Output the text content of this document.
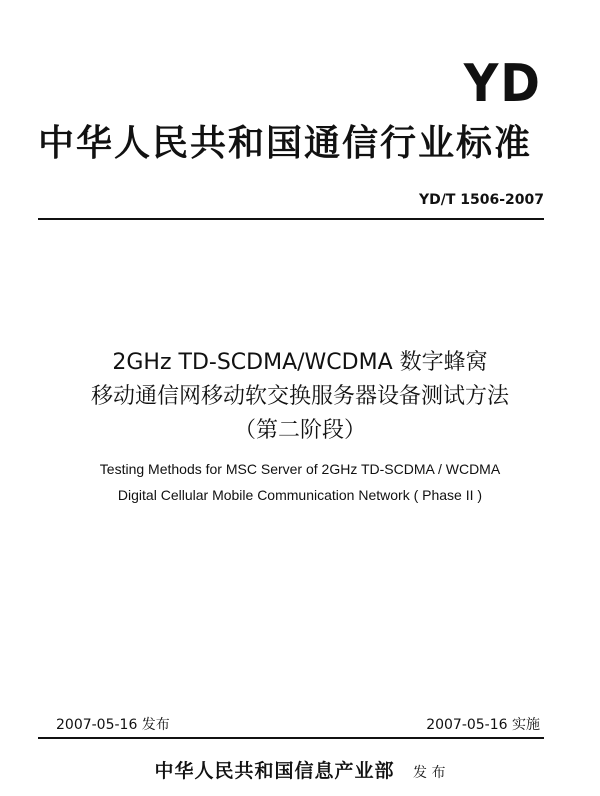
YD
中华人民共和国通信行业标准
YD/T 1506-2007
2GHz TD-SCDMA/WCDMA 数字蜂窝
移动通信网移动软交换服务器设备测试方法
（第二阶段）
Testing Methods for MSC Server of 2GHz TD-SCDMA / WCDMA
Digital Cellular Mobile Communication Network ( Phase II )
2007-05-16 发布	2007-05-16 实施
中华人民共和国信息产业部 发 布
